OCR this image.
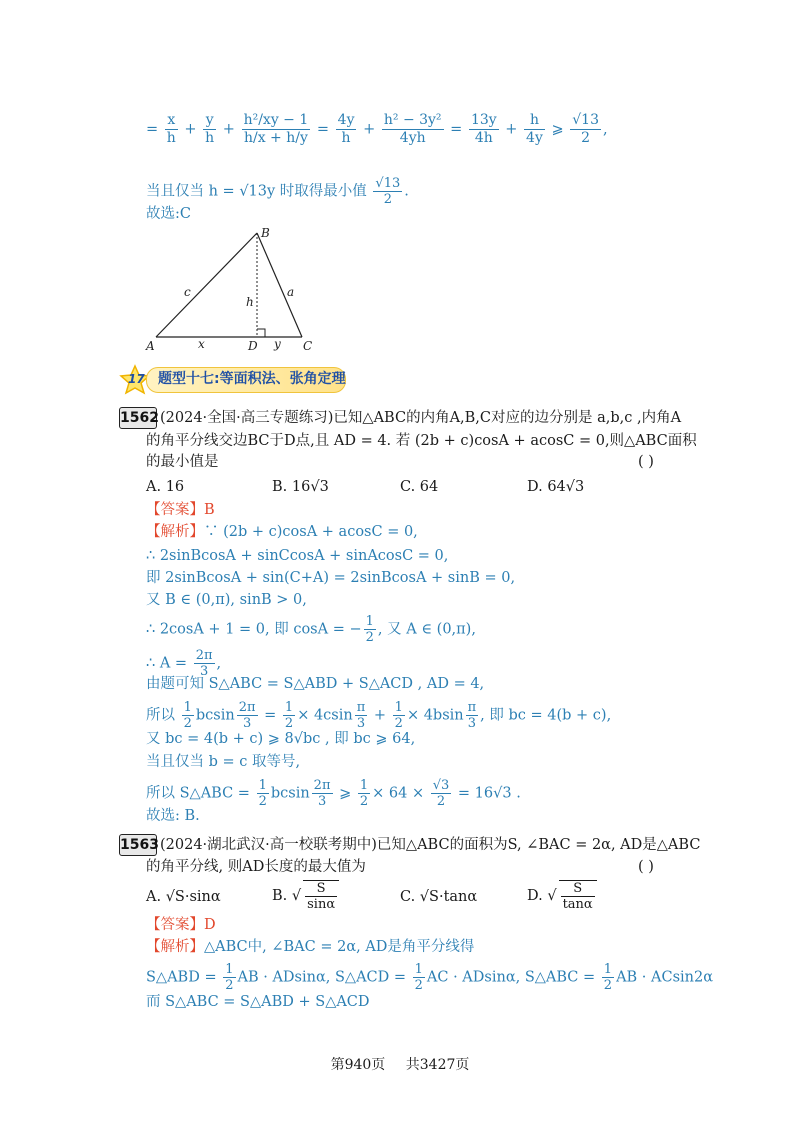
= $\frac{x}{h} + \frac{y}{h} + \frac{\text{h²/xy − 1}}{h/x + h/y} = \frac{4y}{h} + \frac{\text{h² − 3y²}}{4yh} = \frac{13y}{4h} + \frac{h}{4y}$ ⩾ $\frac{√13}{2}$ ,
当且仅当 h = √13y 时取得最小值 $\frac{√13}{2}$ .
故选:C
B
A	C
D
c	a
h
x	y
17 题型十七:等面积法、张角定理
1562 (2024·全国·高三专题练习)已知△ABC的内角A,B,C对应的边分别是 a,b,c ,内角A
的角平分线交边BC于D点,且 AD = 4. 若 (2b + c)cosA + acosC = 0,则△ABC面积
的最小值是	( )
A. 16	B. 16√3	C. 64	D. 64√3
【答案】B
【解析】∵ (2b + c)cosA + acosC = 0,
∴ 2sinBcosA + sinCcosA + sinAcosC = 0,
即 2sinBcosA + sin(C+A) = 2sinBcosA + sinB = 0,
又 B ∈ (0,π), sinB > 0,
∴ 2cosA + 1 = 0, 即 cosA = − $\frac{1}{2}$ , 又 A ∈ (0,π),
∴ $A = \frac{2\pi}{3}$ ,
由题可知 S△ABC = S△ABD + S△ACD , AD = 4,
所以 $\frac{1}{2}$ bcsin $\frac{2\pi}{3} = \frac{1}{2} \times 4csin \frac{\pi}{3} + \frac{1}{2} \times 4bsin \frac{\pi}{3}$ , 即 bc = 4(b + c),
又 bc = 4(b + c) ⩾ 8√bc , 即 bc ⩾ 64,
当且仅当 b = c 取等号,
所以 S△ABC = $\frac{1}{2}$ bcsin $\frac{2\pi}{3}$ ⩾ $\frac{1}{2} \times 64 \times \frac{√3}{2} = 16√3$ .
故选: B.
1563 (2024·湖北武汉·高一校联考期中)已知△ABC的面积为S, ∠BAC = 2α, AD是△ABC
的角平分线, 则AD长度的最大值为	( )
A. √S·sinα	B. √ $\frac{S}{\sin\alpha}$	C. √S·tanα	D. √ $\frac{S}{\tan\alpha}$
【答案】D
【解析】△ABC中, ∠BAC = 2α, AD是角平分线得
S△ABD = $\frac{1}{2}$ AB · ADsinα, S△ACD = $\frac{1}{2}$ AC · ADsinα, S△ABC = $\frac{1}{2}$ AB · ACsin2α
而 S△ABC = S△ABD + S△ACD
第940页 共3427页
